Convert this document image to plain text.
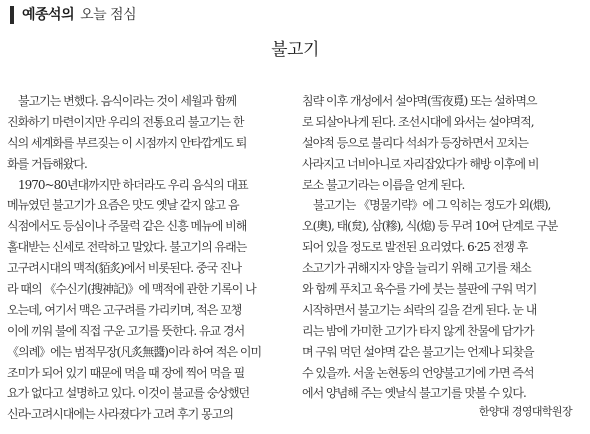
예종석의 오늘 점심
불고기
　불고기는 변했다. 음식이라는 것이 세월과 함께
진화하기 마련이지만 우리의 전통요리 불고기는 한
식의 세계화를 부르짖는 이 시점까지 안타깝게도 퇴
화를 거듭해왔다.
　1970~80년대까지만 하더라도 우리 음식의 대표
메뉴였던 불고기가 요즘은 맛도 옛날 같지 않고 음
식점에서도 등심이나 주물럭 같은 신흥 메뉴에 비해
홀대받는 신세로 전락하고 말았다. 불고기의 유래는
고구려시대의 맥적(貊炙)에서 비롯된다. 중국 진나
라 때의 《수신기(搜神記)》에 맥적에 관한 기록이 나
오는데, 여기서 맥은 고구려를 가리키며, 적은 꼬챙
이에 끼워 불에 직접 구운 고기를 뜻한다. 유교 경서
《의례》에는 범적무장(凡炙無醬)이라 하여 적은 이미
조미가 되어 있기 때문에 먹을 때 장에 찍어 먹을 필
요가 없다고 설명하고 있다. 이것이 불교를 숭상했던
신라·고려시대에는 사라졌다가 고려 후기 몽고의
침략 이후 개성에서 설야멱(雪夜覓) 또는 설하멱으
로 되살아나게 된다. 조선시대에 와서는 설야멱적,
설야적 등으로 불리다 석쇠가 등장하면서 꼬치는
사라지고 너비아니로 자리잡았다가 해방 이후에 비
로소 불고기라는 이름을 얻게 된다.
　불고기는 《명물기략》에 그 익히는 정도가 외(煨),
오(奧), 태(炱), 삼(糝), 식(熄) 등 무려 10여 단계로 구분
되어 있을 정도로 발전된 요리였다. 6·25 전쟁 후
소고기가 귀해지자 양을 늘리기 위해 고기를 채소
와 함께 푸치고 육수를 가에 붓는 불판에 구워 먹기
시작하면서 불고기는 쇠락의 길을 걷게 된다. 눈 내
리는 밤에 가미한 고기가 타지 않게 찬물에 담가가
며 구워 먹던 설야멱 같은 불고기는 언제나 되찾을
수 있을까. 서울 논현동의 언양불고기에 가면 즉석
에서 양념해 주는 옛날식 불고기를 맛볼 수 있다.
한양대 경영대학원장
